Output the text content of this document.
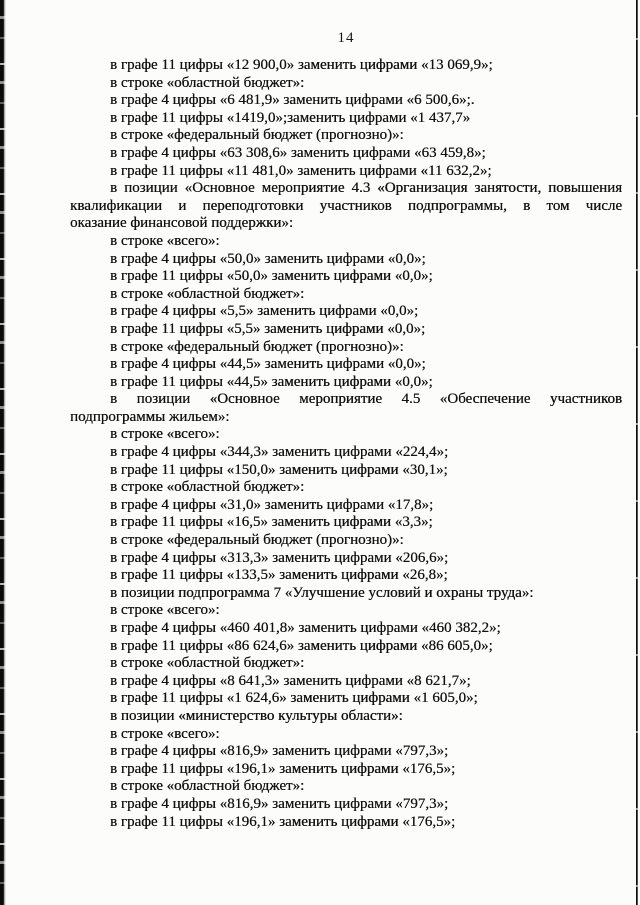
14
в графе 11 цифры «12 900,0» заменить цифрами «13 069,9»;
в строке «областной бюджет»:
в графе 4 цифры «6 481,9» заменить цифрами «6 500,6»;.
в графе 11 цифры «1419,0»;заменить цифрами «1 437,7»
в строке «федеральный бюджет (прогнозно)»:
в графе 4 цифры «63 308,6» заменить цифрами «63 459,8»;
в графе 11 цифры «11 481,0» заменить цифрами «11 632,2»;
в позиции «Основное мероприятие 4.3 «Организация занятости, повышения
квалификации и переподготовки участников подпрограммы, в том числе
оказание финансовой поддержки»:
в строке «всего»:
в графе 4 цифры «50,0» заменить цифрами «0,0»;
в графе 11 цифры «50,0» заменить цифрами «0,0»;
в строке «областной бюджет»:
в графе 4 цифры «5,5» заменить цифрами «0,0»;
в графе 11 цифры «5,5» заменить цифрами «0,0»;
в строке «федеральный бюджет (прогнозно)»:
в графе 4 цифры «44,5» заменить цифрами «0,0»;
в графе 11 цифры «44,5» заменить цифрами «0,0»;
в позиции «Основное мероприятие 4.5 «Обеспечение участников
подпрограммы жильем»:
в строке «всего»:
в графе 4 цифры «344,3» заменить цифрами «224,4»;
в графе 11 цифры «150,0» заменить цифрами «30,1»;
в строке «областной бюджет»:
в графе 4 цифры «31,0» заменить цифрами «17,8»;
в графе 11 цифры «16,5» заменить цифрами «3,3»;
в строке «федеральный бюджет (прогнозно)»:
в графе 4 цифры «313,3» заменить цифрами «206,6»;
в графе 11 цифры «133,5» заменить цифрами «26,8»;
в позиции подпрограмма 7 «Улучшение условий и охраны труда»:
в строке «всего»:
в графе 4 цифры «460 401,8» заменить цифрами «460 382,2»;
в графе 11 цифры «86 624,6» заменить цифрами «86 605,0»;
в строке «областной бюджет»:
в графе 4 цифры «8 641,3» заменить цифрами «8 621,7»;
в графе 11 цифры «1 624,6» заменить цифрами «1 605,0»;
в позиции «министерство культуры области»:
в строке «всего»:
в графе 4 цифры «816,9» заменить цифрами «797,3»;
в графе 11 цифры «196,1» заменить цифрами «176,5»;
в строке «областной бюджет»:
в графе 4 цифры «816,9» заменить цифрами «797,3»;
в графе 11 цифры «196,1» заменить цифрами «176,5»;
